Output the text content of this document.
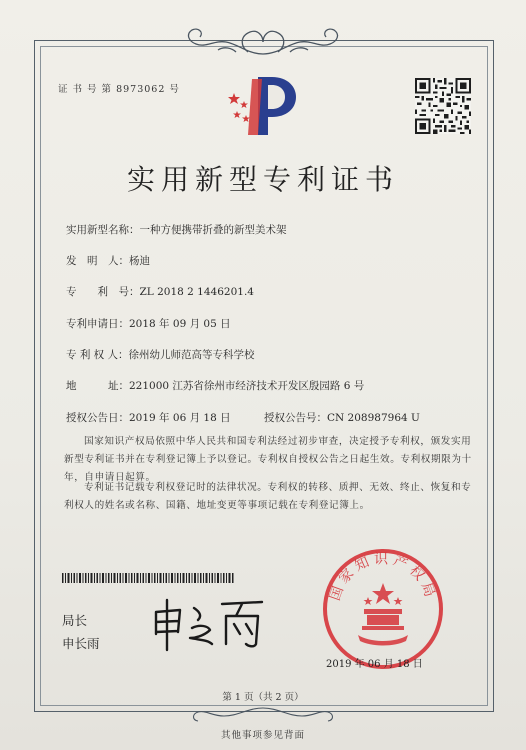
证 书 号 第 8973062 号
实用新型专利证书
实用新型名称：一种方便携带折叠的新型美术架
发　明　人：杨迪
专　　利　号：ZL 2018 2 1446201.4
专利申请日：2018 年 09 月 05 日
专 利 权 人：徐州幼儿师范高等专科学校
地　　　址：221000 江苏省徐州市经济技术开发区殷园路 6 号
授权公告日：2019 年 06 月 18 日	授权公告号：CN 208987964 U
国家知识产权局依照中华人民共和国专利法经过初步审查，决定授予专利权，颁发实用
新型专利证书并在专利登记簿上予以登记。专利权自授权公告之日起生效。专利权期限为十
年，自申请日起算。
专利证书记载专利权登记时的法律状况。专利权的转移、质押、无效、终止、恢复和专
利权人的姓名或名称、国籍、地址变更等事项记载在专利登记簿上。
局长
申长雨
国家知识产权局
2019 年 06 月 18 日
第 1 页（共 2 页）
其他事项参见背面
